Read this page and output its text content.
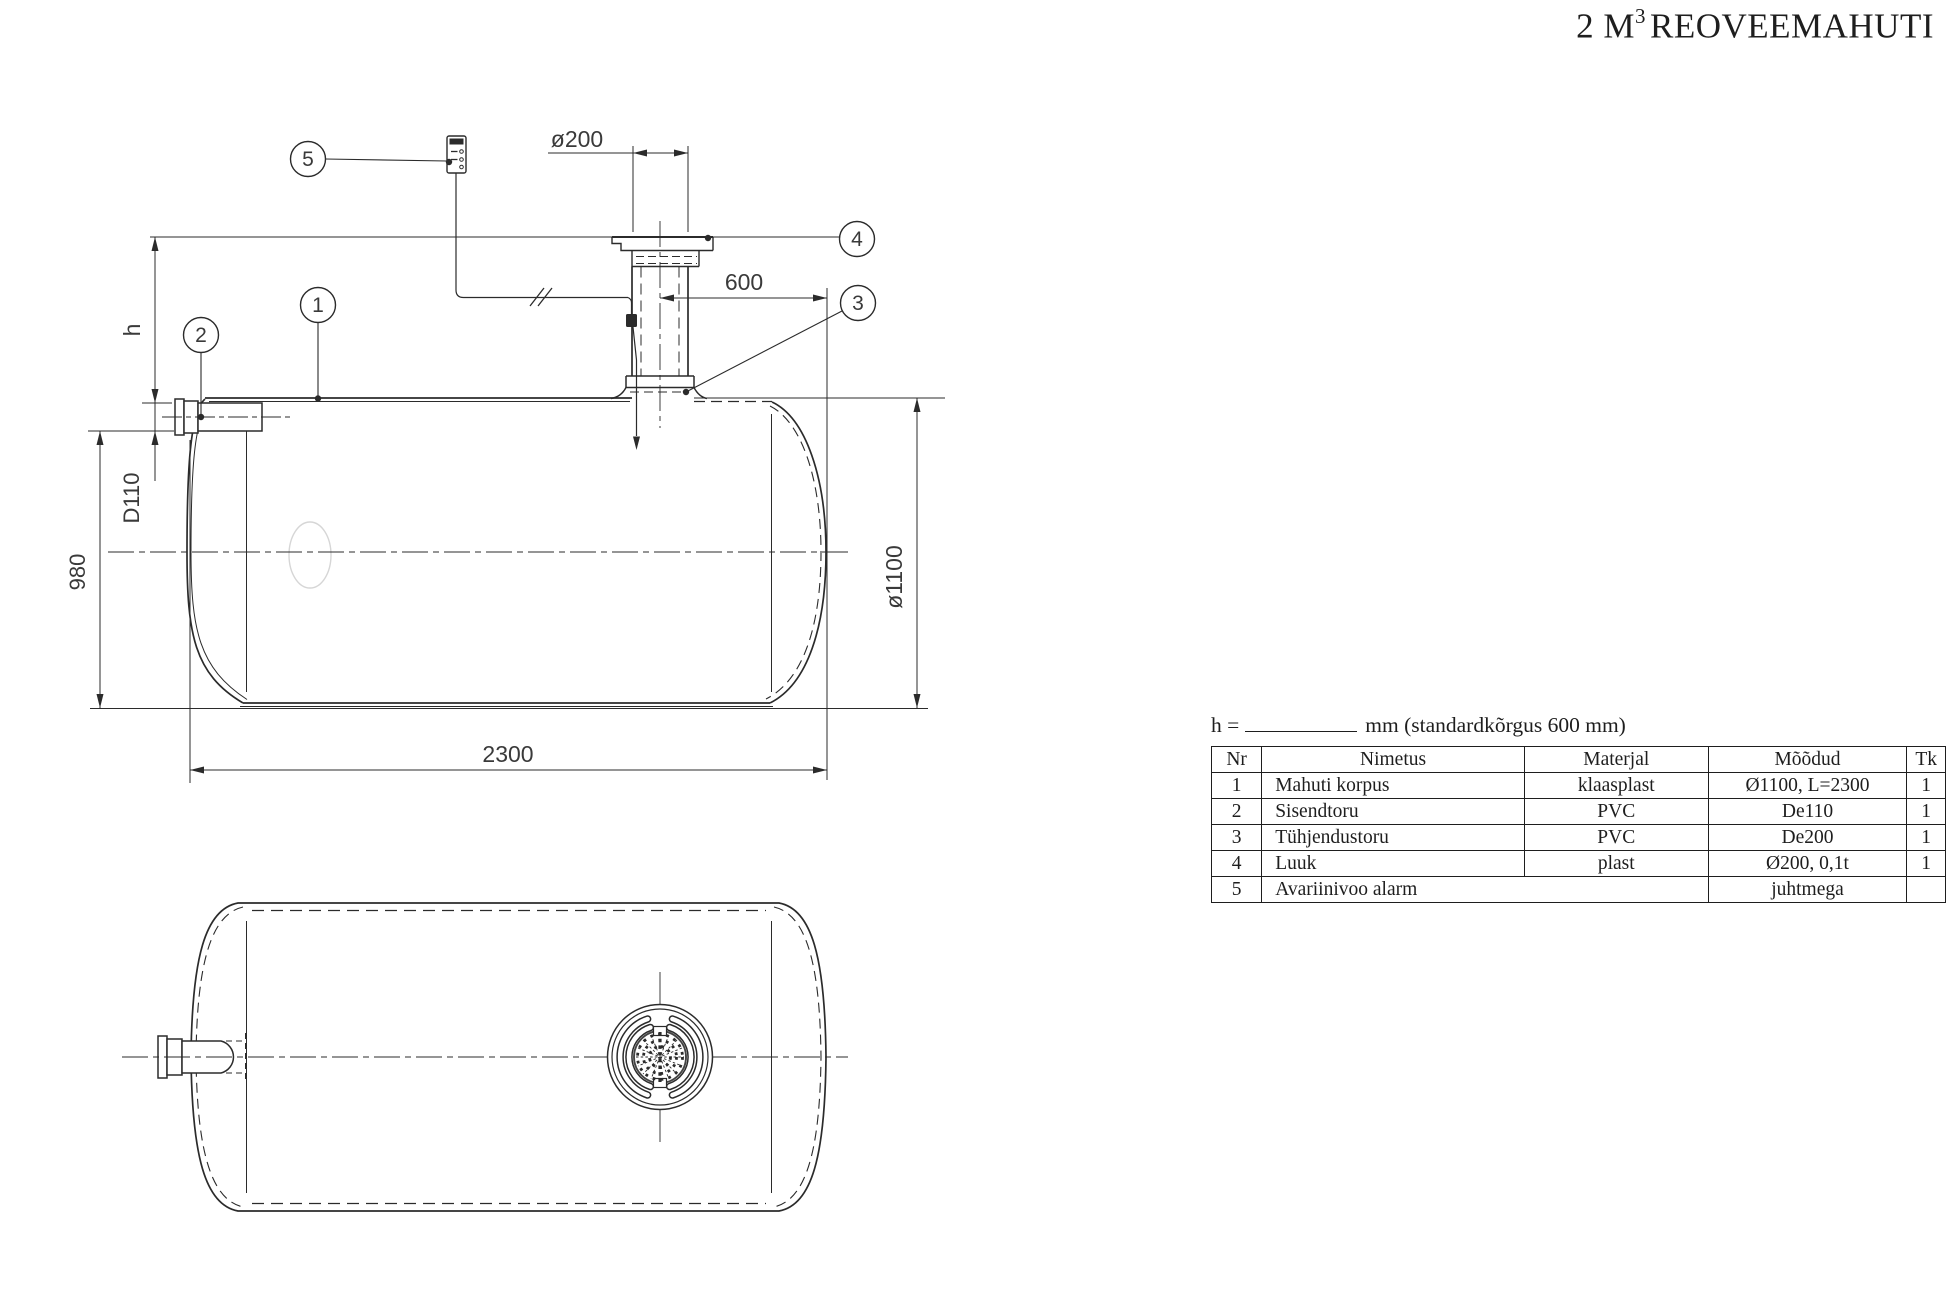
ø200
h
D110
980	ø1100
600
2300
1
2
3
4
5
2 $M^3$ REOVEEMAHUTI
h =	mm (standardkõrgus 600 mm)
Nr	Nimetus	Materjal	Mõõdud	Tk
1	Mahuti korpus	klaasplast	Ø1100, L=2300	1
2	Sisendtoru	PVC	De110	1
3	Tühjendustoru	PVC	De200	1
4	Luuk	plast	Ø200, 0,1t	1
5	Avariinivoo alarm		juhtmega	
